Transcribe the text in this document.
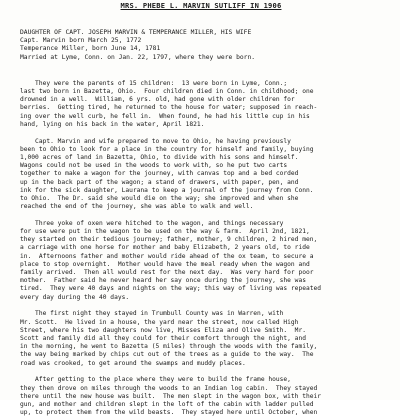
MRS. PHEBE L. MARVIN SUTLIFF IN 1906
DAUGHTER OF CAPT. JOSEPH MARVIN & TEMPERANCE MILLER, HIS WIFE
Capt. Marvin born March 25, 1772
Temperance Miller, born June 14, 1781
Married at Lyme, Conn. on Jan. 22, 1797, where they were born.

They were the parents of 15 children:  13 were born in Lyme, Conn.;
last two born in Bazetta, Ohio.  Four children died in Conn. in childhood; one
drowned in a well.  William, 6 yrs. old, had gone with older children for
berries.  Getting tired, he returned to the house for water; supposed in reach-
ing over the well curb, he fell in.  When found, he had his little cup in his
hand, lying on his back in the water, April 1821.

Capt. Marvin and wife prepared to move to Ohio, he having previously
been to Ohio to look for a place in the country for himself and family, buying
1,000 acres of land in Bazetta, Ohio, to divide with his sons and himself.
Wagons could not be used in the woods to work with, so he put two carts
together to make a wagon for the journey, with canvas top and a bed corded
up in the back part of the wagon; a stand of drawers, with paper, pen, and
ink for the sick daughter, Laurana to keep a journal of the journey from Conn.
to Ohio.  The Dr. said she would die on the way; she improved and when she
reached the end of the journey, she was able to walk and well.

Three yoke of oxen were hitched to the wagon, and things necessary
for use were put in the wagon to be used on the way & farm.  April 2nd, 1821,
they started on their tedious journey; father, mother, 9 children, 2 hired men,
a carriage with one horse for mother and baby Elizabeth, 2 years old, to ride
in.  Afternoons father and mother would ride ahead of the ox team, to secure a
place to stop overnight.  Mother would have the meal ready when the wagon and
family arrived.  Then all would rest for the next day.  Was very hard for poor
mother.  Father said he never heard her say once during the journey, she was
tired.  They were 40 days and nights on the way; this way of living was repeated
every day during the 40 days.

The first night they stayed in Trumbull County was in Warren, with
Mr. Scott.  He lived in a house, the yard near the street, now called High
Street, where his two daughters now live, Misses Eliza and Olive Smith.  Mr.
Scott and family did all they could for their comfort through the night, and
in the morning, he went to Bazetta (5 miles) through the woods with the family,
the way being marked by chips cut out of the trees as a guide to the way.  The
road was crooked, to get around the swamps and muddy places.

After getting to the place where they were to build the frame house,
they then drove on miles through the woods to an Indian log cabin.  They stayed
there until the new house was built.  The men slept in the wagon box, with their
gun, and mother and children slept in the loft of the cabin with ladder pulled
up, to protect them from the wild beasts.  They stayed here until October, when
